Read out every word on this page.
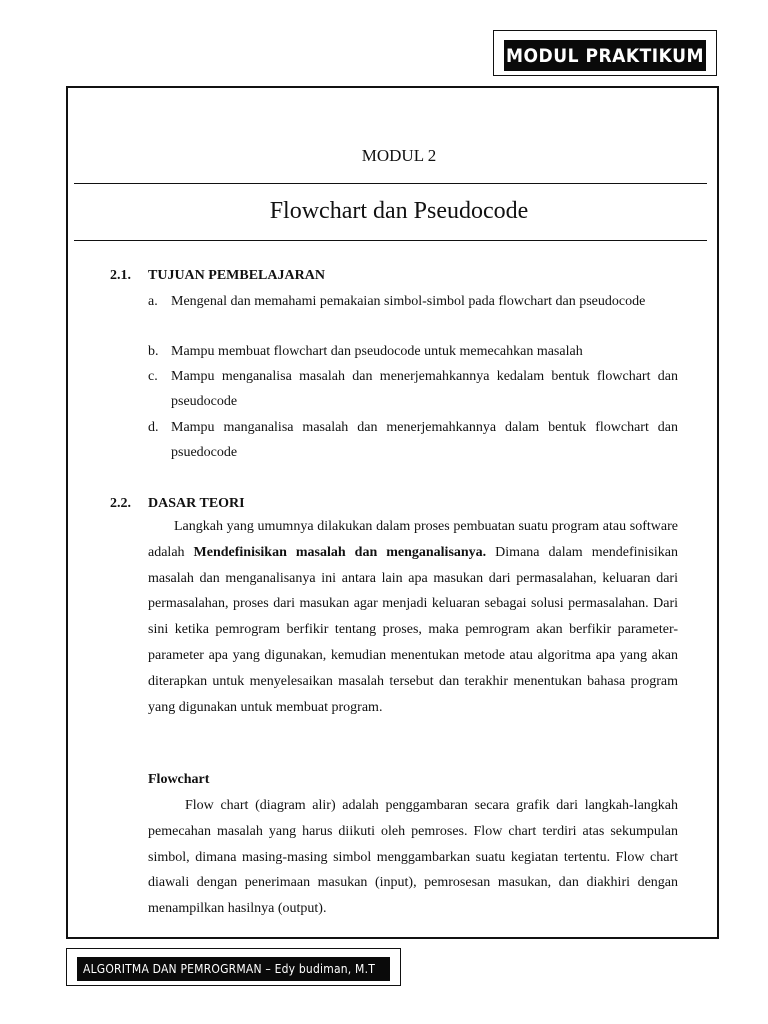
MODUL PRAKTIKUM
MODUL 2
Flowchart dan Pseudocode
2.1. TUJUAN PEMBELAJARAN
a. Mengenal dan memahami pemakaian simbol-simbol pada flowchart dan pseudocode
b. Mampu membuat flowchart dan pseudocode untuk memecahkan masalah
c. Mampu menganalisa masalah dan menerjemahkannya kedalam bentuk flowchart dan pseudocode
d. Mampu manganalisa masalah dan menerjemahkannya dalam bentuk flowchart dan psuedocode
2.2. DASAR TEORI

Langkah yang umumnya dilakukan dalam proses pembuatan suatu program atau software adalah Mendefinisikan masalah dan menganalisanya. Dimana dalam mendefinisikan masalah dan menganalisanya ini antara lain apa masukan dari permasalahan, keluaran dari permasalahan, proses dari masukan agar menjadi keluaran sebagai solusi permasalahan. Dari sini ketika pemrogram berfikir tentang proses, maka pemrogram akan berfikir parameter-parameter apa yang digunakan, kemudian menentukan metode atau algoritma apa yang akan diterapkan untuk menyelesaikan masalah tersebut dan terakhir menentukan bahasa program yang digunakan untuk membuat program.

Flowchart

Flow chart (diagram alir) adalah penggambaran secara grafik dari langkah-langkah pemecahan masalah yang harus diikuti oleh pemroses. Flow chart terdiri atas sekumpulan simbol, dimana masing-masing simbol menggambarkan suatu kegiatan tertentu. Flow chart diawali dengan penerimaan masukan (input), pemrosesan masukan, dan diakhiri dengan menampilkan hasilnya (output).

ALGORITMA DAN PEMROGRMAN – Edy budiman, M.T
